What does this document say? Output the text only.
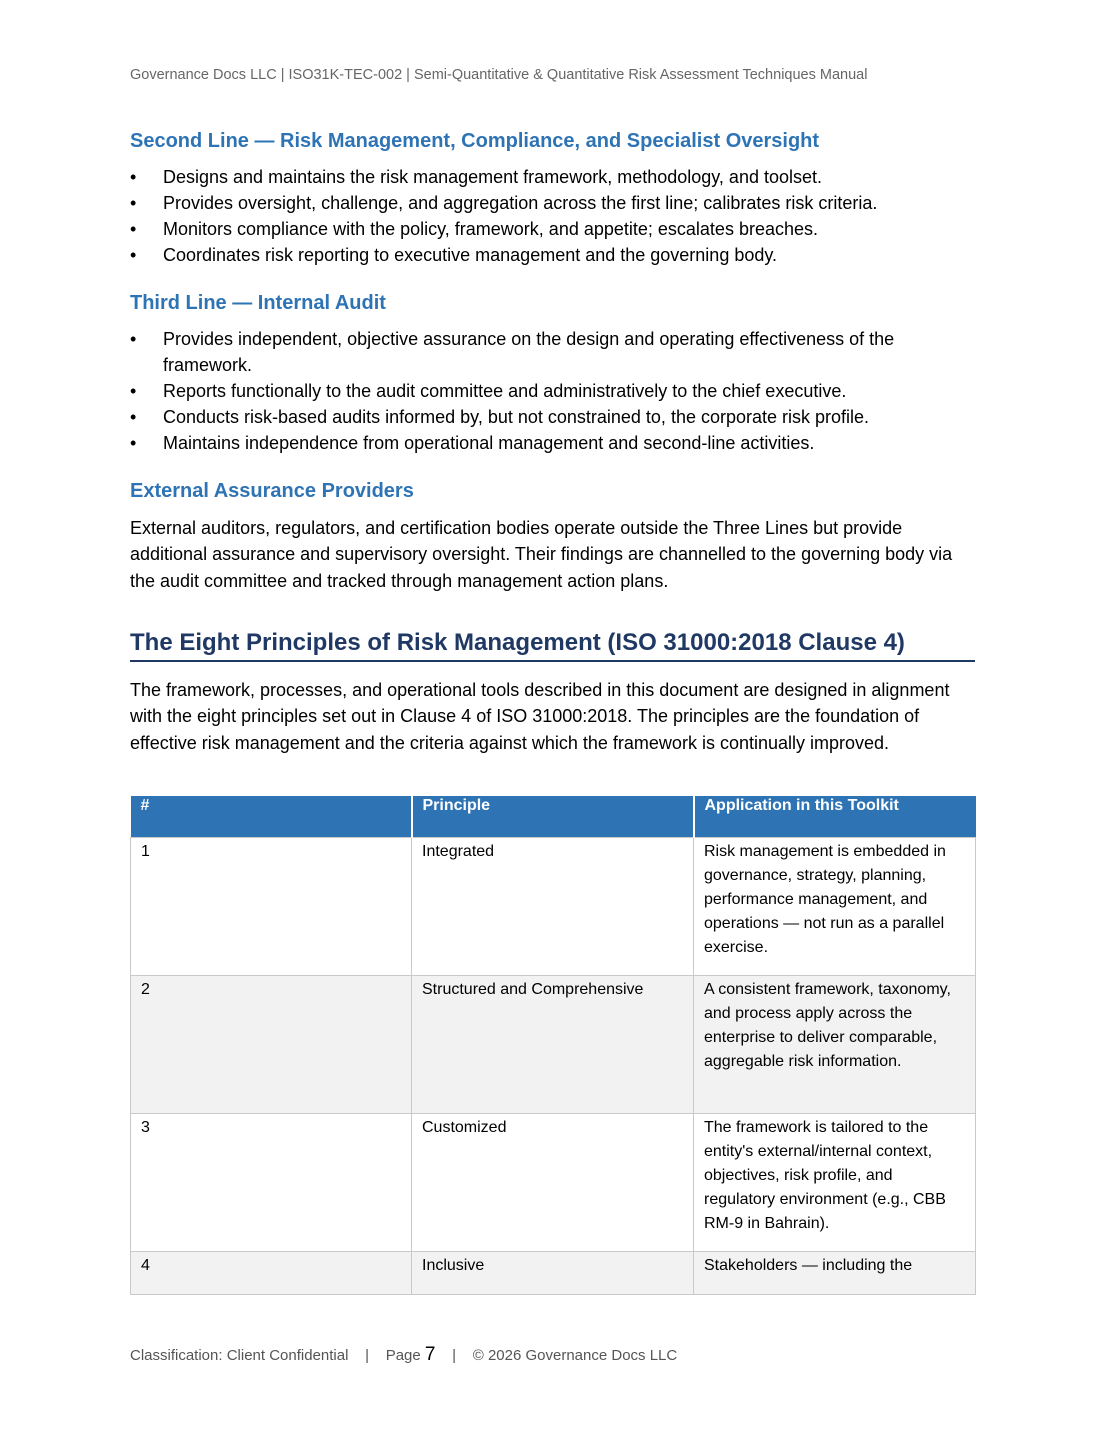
Governance Docs LLC | ISO31K-TEC-002 | Semi-Quantitative & Quantitative Risk Assessment Techniques Manual
Second Line — Risk Management, Compliance, and Specialist Oversight
• Designs and maintains the risk management framework, methodology, and toolset.
• Provides oversight, challenge, and aggregation across the first line; calibrates risk criteria.
• Monitors compliance with the policy, framework, and appetite; escalates breaches.
• Coordinates risk reporting to executive management and the governing body.
Third Line — Internal Audit
• Provides independent, objective assurance on the design and operating effectiveness of the framework.
• Reports functionally to the audit committee and administratively to the chief executive.
• Conducts risk-based audits informed by, but not constrained to, the corporate risk profile.
• Maintains independence from operational management and second-line activities.
External Assurance Providers

External auditors, regulators, and certification bodies operate outside the Three Lines but provide additional assurance and supervisory oversight. Their findings are channelled to the governing body via the audit committee and tracked through management action plans.

The Eight Principles of Risk Management (ISO 31000:2018 Clause 4)

The framework, processes, and operational tools described in this document are designed in alignment with the eight principles set out in Clause 4 of ISO 31000:2018. The principles are the foundation of effective risk management and the criteria against which the framework is continually improved.

#	Principle	Application in this Toolkit
1	Integrated	Risk management is embedded in governance, strategy, planning, performance management, and operations — not run as a parallel exercise.
2	Structured and Comprehensive	A consistent framework, taxonomy, and process apply across the enterprise to deliver comparable, aggregable risk information.
3	Customized	The framework is tailored to the entity's external/internal context, objectives, risk profile, and regulatory environment (e.g., CBB RM-9 in Bahrain).
4	Inclusive	Stakeholders — including the
Classification: Client Confidential | Page 7 | © 2026 Governance Docs LLC
